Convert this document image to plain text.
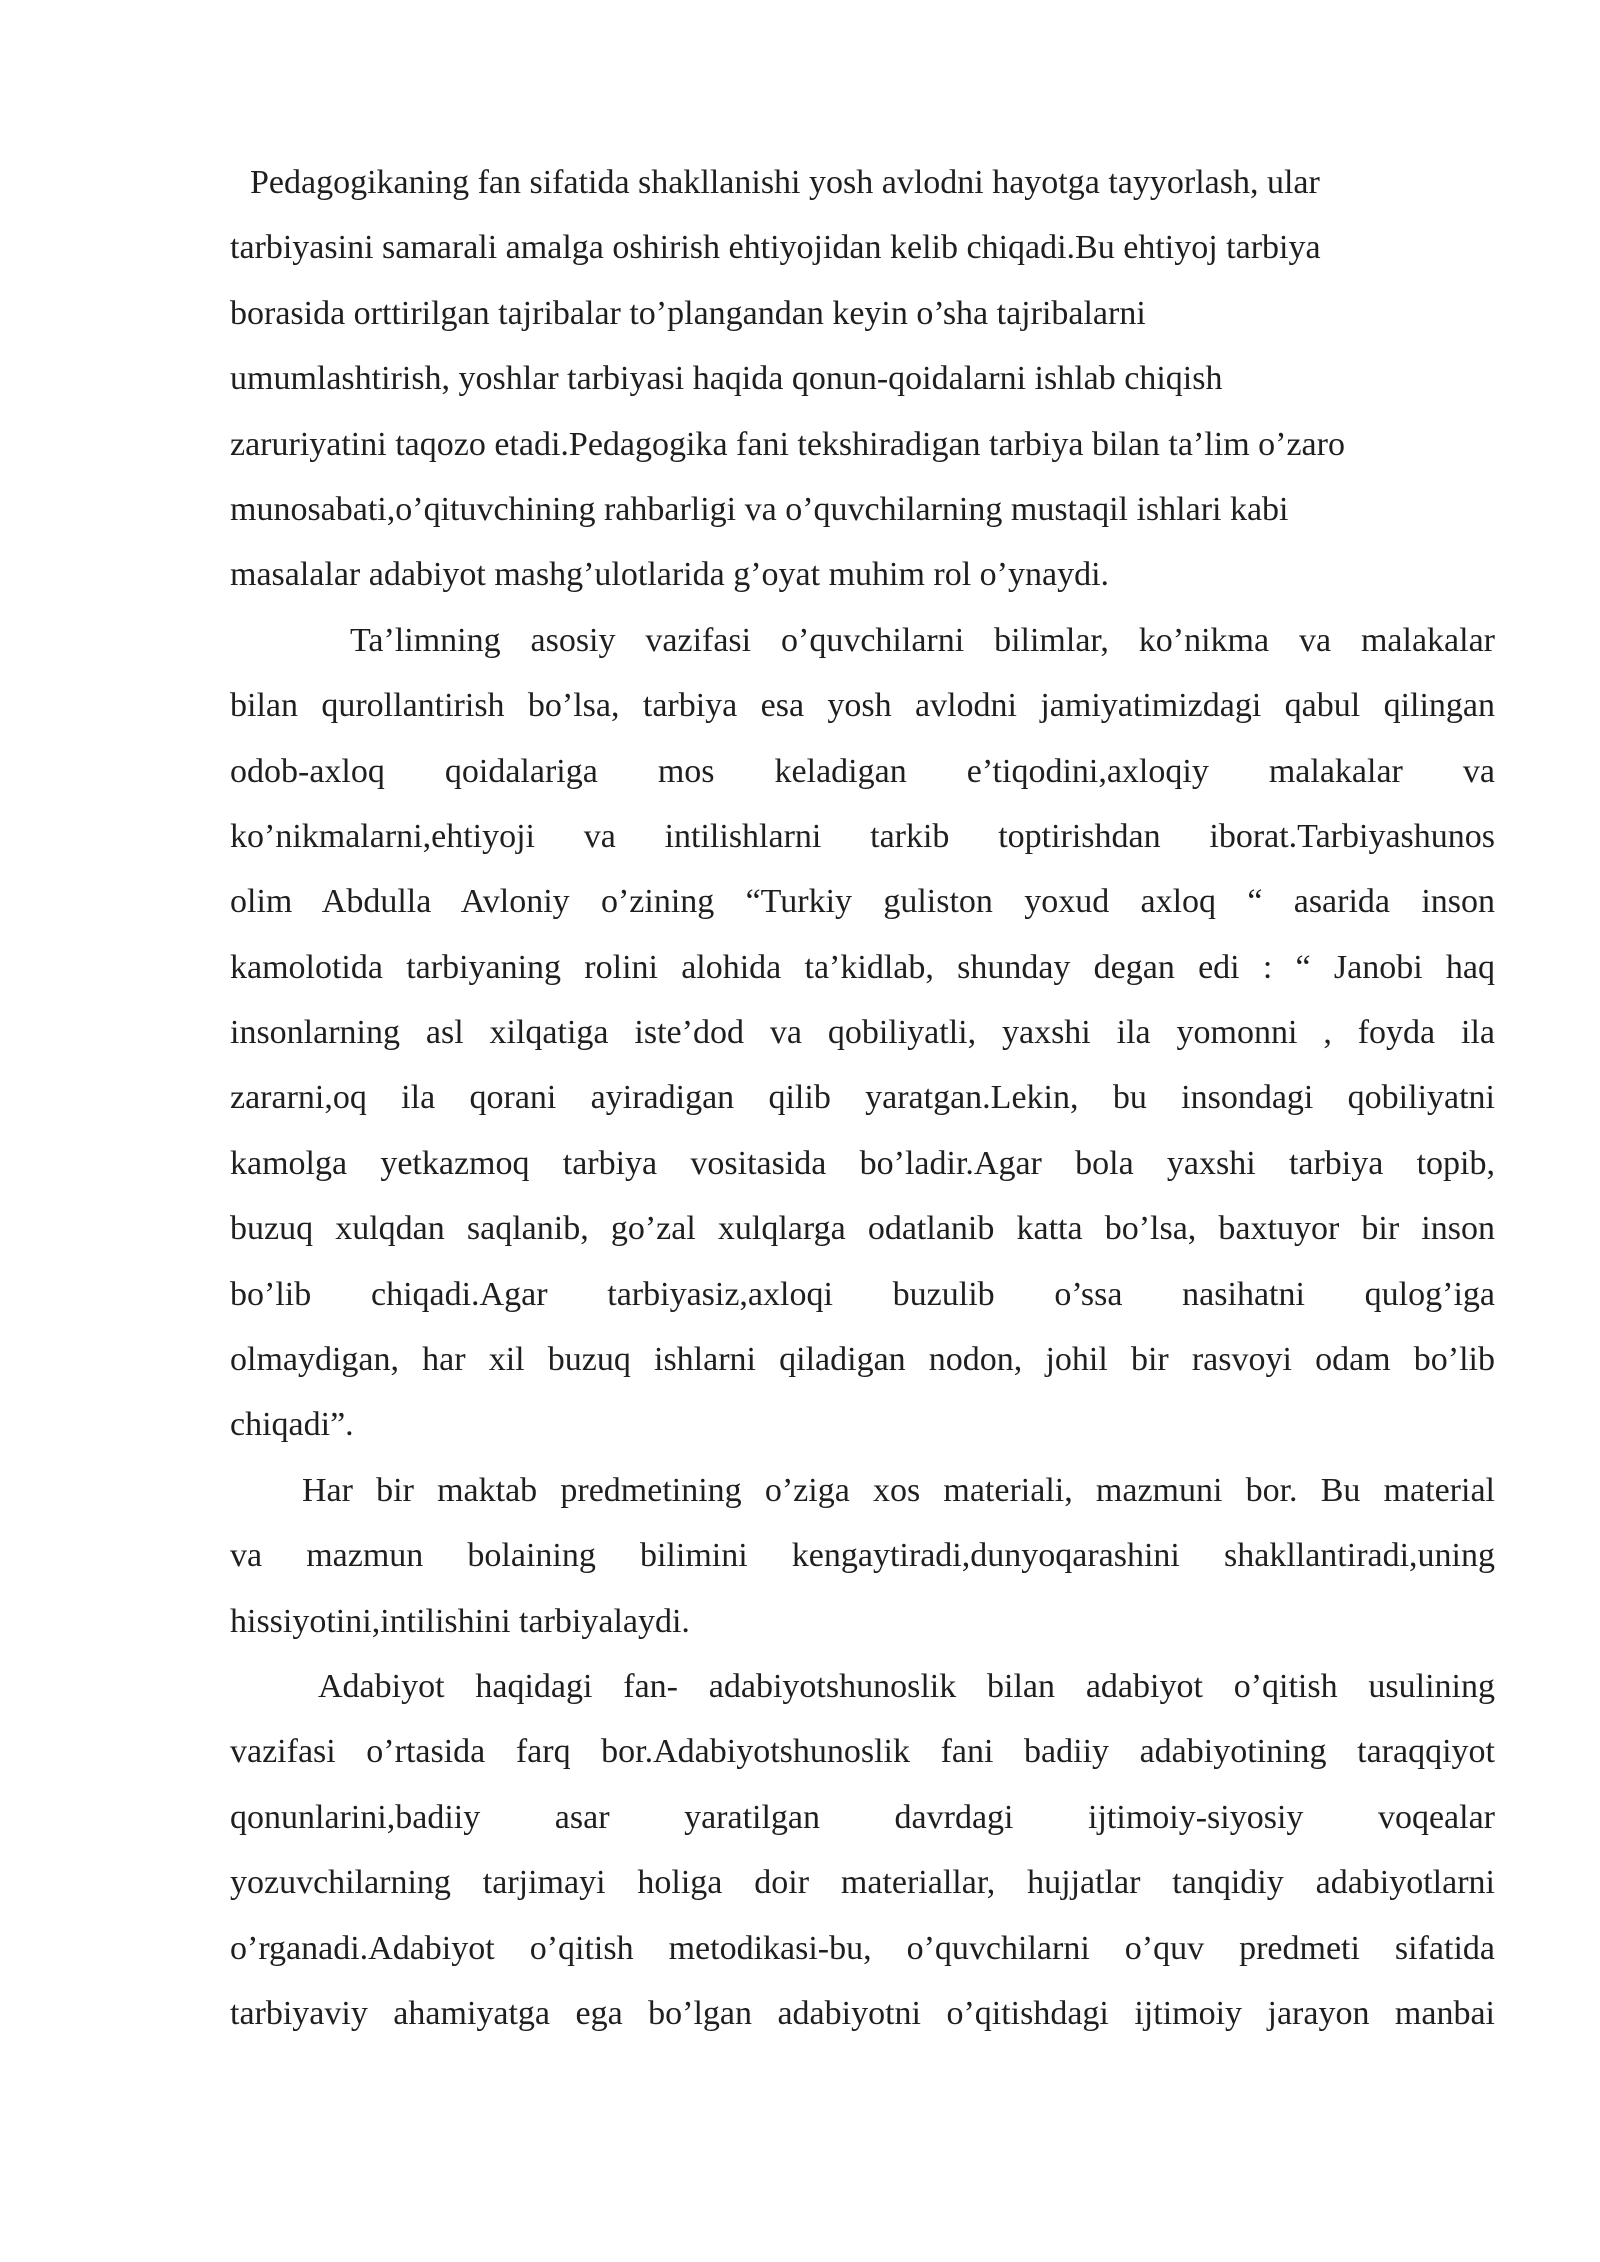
Pedagogikaning fan sifatida shakllanishi yosh avlodni hayotga tayyorlash, ular
tarbiyasini samarali amalga oshirish ehtiyojidan kelib chiqadi.Bu ehtiyoj tarbiya
borasida orttirilgan tajribalar to’plangandan keyin o’sha tajribalarni
umumlashtirish, yoshlar tarbiyasi haqida qonun-qoidalarni ishlab chiqish
zaruriyatini taqozo etadi.Pedagogika fani tekshiradigan tarbiya bilan ta’lim o’zaro
munosabati,o’qituvchining rahbarligi va o’quvchilarning mustaqil ishlari kabi
masalalar adabiyot mashg’ulotlarida g’oyat muhim rol o’ynaydi.

Ta’limning asosiy vazifasi o’quvchilarni bilimlar, ko’nikma va malakalar
bilan qurollantirish bo’lsa, tarbiya esa yosh avlodni jamiyatimizdagi qabul qilingan
odob-axloq qoidalariga mos keladigan e’tiqodini,axloqiy malakalar va
ko’nikmalarni,ehtiyoji va intilishlarni tarkib toptirishdan iborat.Tarbiyashunos
olim Abdulla Avloniy o’zining “Turkiy guliston yoxud axloq “ asarida inson
kamolotida tarbiyaning rolini alohida ta’kidlab, shunday degan edi : “ Janobi haq
insonlarning asl xilqatiga iste’dod va qobiliyatli, yaxshi ila yomonni , foyda ila
zararni,oq ila qorani ayiradigan qilib yaratgan.Lekin, bu insondagi qobiliyatni
kamolga yetkazmoq tarbiya vositasida bo’ladir.Agar bola yaxshi tarbiya topib,
buzuq xulqdan saqlanib, go’zal xulqlarga odatlanib katta bo’lsa, baxtuyor bir inson
bo’lib chiqadi.Agar tarbiyasiz,axloqi buzulib o’ssa nasihatni qulog’iga
olmaydigan, har xil buzuq ishlarni qiladigan nodon, johil bir rasvoyi odam bo’lib
chiqadi”.

Har bir maktab predmetining o’ziga xos materiali, mazmuni bor. Bu material
va mazmun bolaining bilimini kengaytiradi,dunyoqarashini shakllantiradi,uning
hissiyotini,intilishini tarbiyalaydi.

Adabiyot haqidagi fan- adabiyotshunoslik bilan adabiyot o’qitish usulining
vazifasi o’rtasida farq bor.Adabiyotshunoslik fani badiiy adabiyotining taraqqiyot
qonunlarini,badiiy asar yaratilgan davrdagi ijtimoiy-siyosiy voqealar
yozuvchilarning tarjimayi holiga doir materiallar, hujjatlar tanqidiy adabiyotlarni
o’rganadi.Adabiyot o’qitish metodikasi-bu, o’quvchilarni o’quv predmeti sifatida
tarbiyaviy ahamiyatga ega bo’lgan adabiyotni o’qitishdagi ijtimoiy jarayon manbai
